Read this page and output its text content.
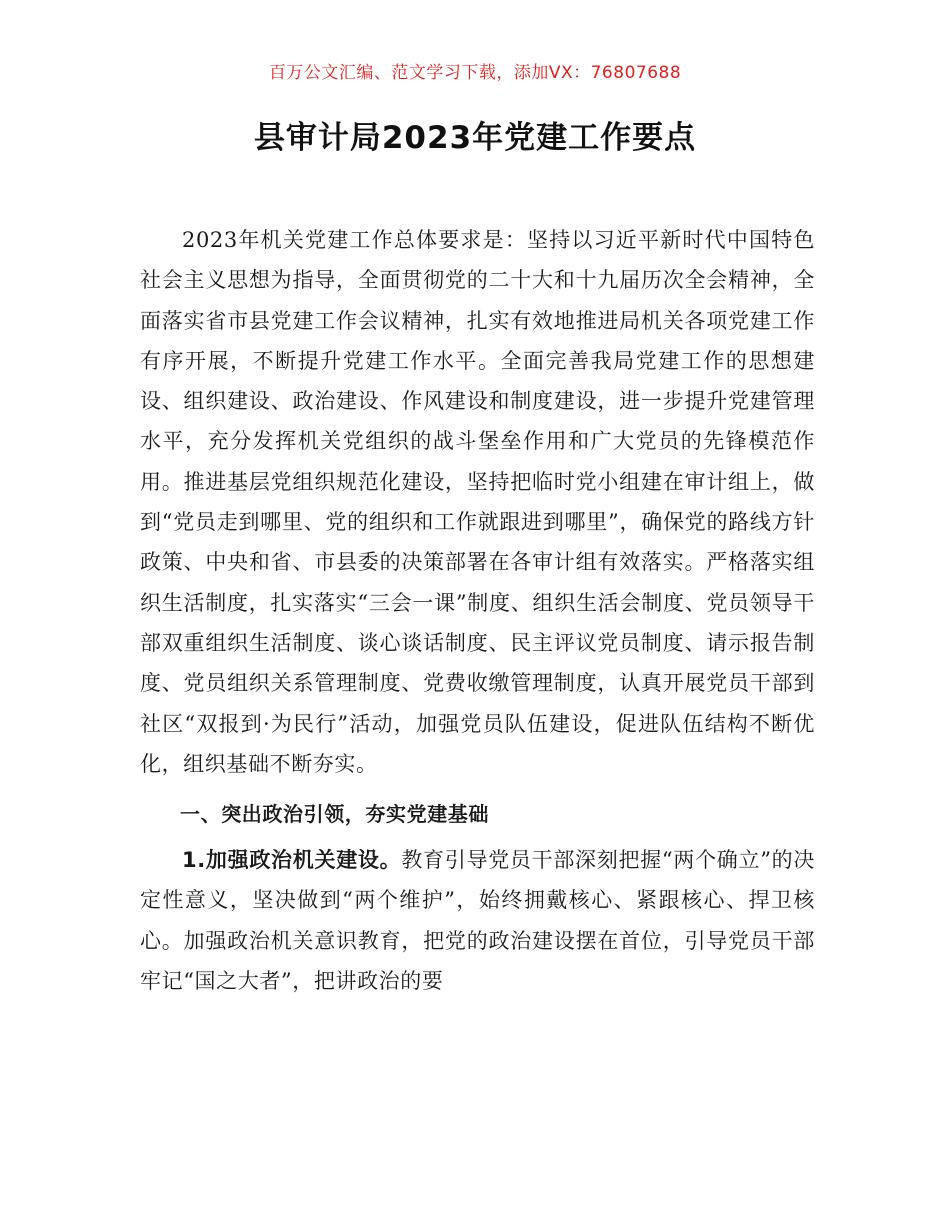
百万公文汇编、范文学习下载，添加VX：76807688
县审计局2023年党建工作要点

2023年机关党建工作总体要求是：坚持以习近平新时代中国特色社会主义思想为指导，全面贯彻党的二十大和十九届历次全会精神，全面落实省市县党建工作会议精神，扎实有效地推进局机关各项党建工作有序开展，不断提升党建工作水平。全面完善我局党建工作的思想建设、组织建设、政治建设、作风建设和制度建设，进一步提升党建管理水平，充分发挥机关党组织的战斗堡垒作用和广大党员的先锋模范作用。推进基层党组织规范化建设，坚持把临时党小组建在审计组上，做到“党员走到哪里、党的组织和工作就跟进到哪里”，确保党的路线方针政策、中央和省、市县委的决策部署在各审计组有效落实。严格落实组织生活制度，扎实落实“三会一课”制度、组织生活会制度、党员领导干部双重组织生活制度、谈心谈话制度、民主评议党员制度、请示报告制度、党员组织关系管理制度、党费收缴管理制度，认真开展党员干部到社区“双报到·为民行”活动，加强党员队伍建设，促进队伍结构不断优化，组织基础不断夯实。

一、突出政治引领，夯实党建基础

1.加强政治机关建设。教育引导党员干部深刻把握“两个确立”的决定性意义，坚决做到“两个维护”，始终拥戴核心、紧跟核心、捍卫核心。加强政治机关意识教育，把党的政治建设摆在首位，引导党员干部牢记“国之大者”，把讲政治的要
